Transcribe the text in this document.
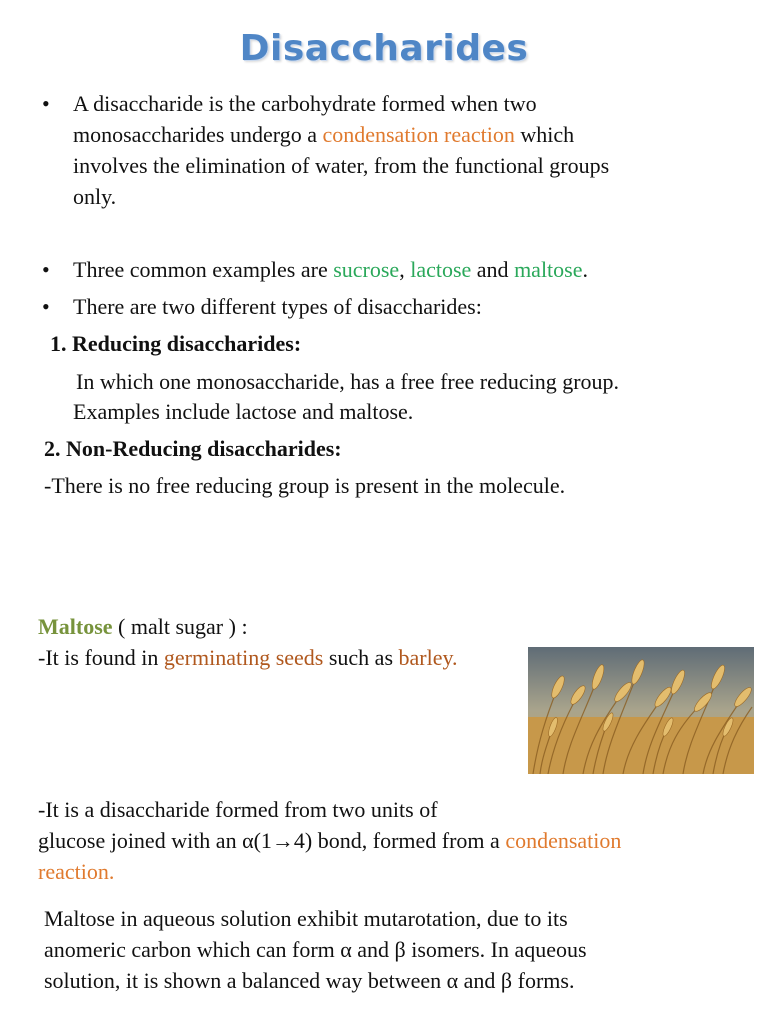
Disaccharides
• A disaccharide is the carbohydrate formed when two
monosaccharides undergo a condensation reaction which
involves the elimination of water, from the functional groups
only.
• Three common examples are sucrose, lactose and maltose.
• There are two different types of disaccharides:
1. Reducing disaccharides:
In which one monosaccharide, has a free free reducing group.
Examples include lactose and maltose.
2. Non-Reducing disaccharides:
-There is no free reducing group is present in the molecule.
Maltose ( malt sugar ) :
-It is found in germinating seeds such as barley.
-It is a disaccharide formed from two units of
glucose joined with an α(1→4) bond, formed from a condensation
reaction.
Maltose in aqueous solution exhibit mutarotation, due to its
anomeric carbon which can form α and β isomers. In aqueous
solution, it is shown a balanced way between α and β forms.
